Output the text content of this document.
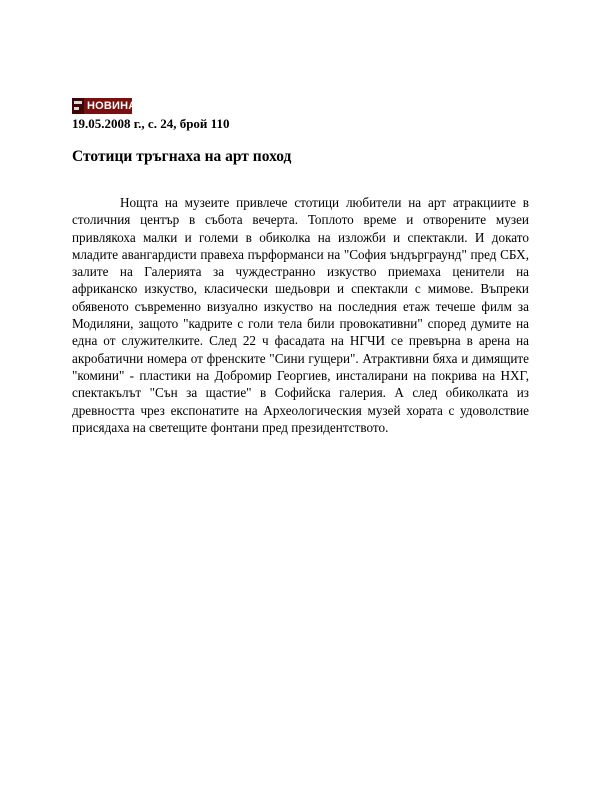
НОВИНАР
19.05.2008 г., с. 24, брой 110
Стотици тръгнаха на арт поход

Нощта на музеите привлече стотици любители на арт атракциите в столичния център в събота вечерта. Топлото време и отворените музеи привлякоха малки и големи в обиколка на изложби и спектакли. И докато младите авангардисти правеха пърформанси на "София ъндърграунд" пред СБХ, залите на Галерията за чуждестранно изкуство приемаха ценители на африканско изкуство, класически шедьоври и спектакли с мимове. Въпреки обявеното съвременно визуално изкуство на последния етаж течеше филм за Модиляни, защото "кадрите с голи тела били провокативни" според думите на една от служителките. След 22 ч фасадата на НГЧИ се превърна в арена на акробатични номера от френските "Сини гущери". Атрактивни бяха и димящите "комини" - пластики на Добромир Георгиев, инсталирани на покрива на НХГ, спектакълът "Сън за щастие" в Софийска галерия. А след обиколката из древността чрез експонатите на Археологическия музей хората с удоволствие присядаха на светещите фонтани пред президентството.
